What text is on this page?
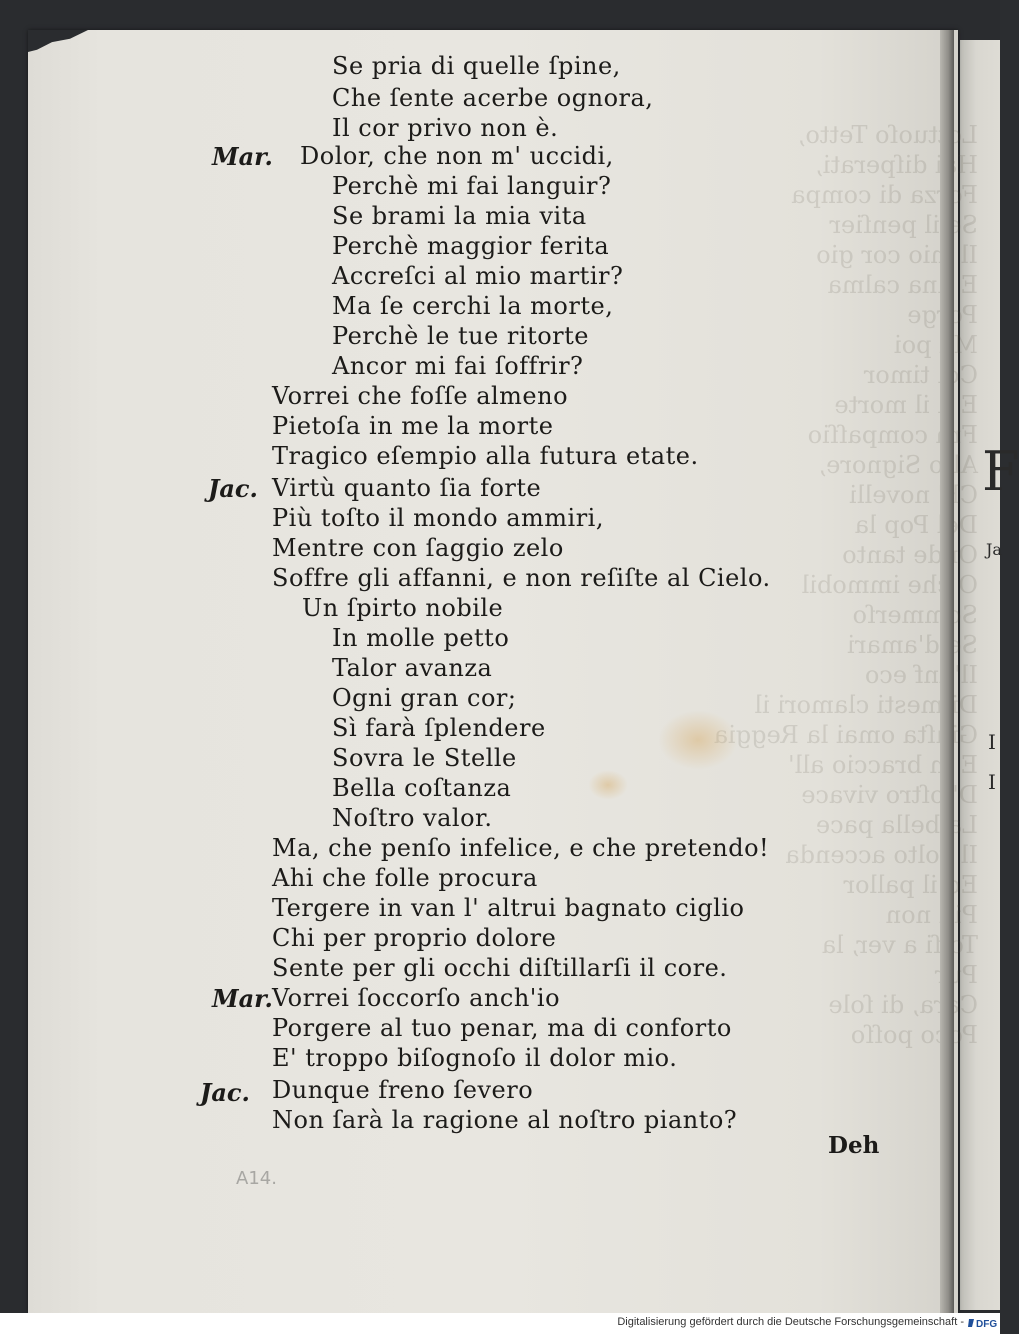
F
Ja
I
I
Lottuoſo Tetto,
Hai diſperati,
di compa
il penſier
mio cor gio
una calma

poi
Col timor
il morte
Fra compaſſio
Signore,
Ch' novelli
Del Pop la
tanto
che immobil
Sommerſo
d'amari
inf eco
mesti clamori il
omai la Reggia
braccio all'
oſtro vivace
bella pace
volto accenda
il pallor
non
a ver, la
Pur
di ſole
poſſo

Mar.
Jac.
Mar.
Jac.
Se pria di quelle ſpine,
Che ſente acerbe ognora,
Il cor privo non è.
Dolor, che non m' uccidi,
Perchè mi fai languir?
Se brami la mia vita
Perchè maggior ferita
Accreſci al mio martir?
Ma ſe cerchi la morte,
Perchè le tue ritorte
Ancor mi fai ſoffrir?
Vorrei che foſſe almeno
Pietoſa in me la morte
Tragico eſempio alla futura etate.
Virtù quanto ſia forte
Più toſto il mondo ammiri,
Mentre con ſaggio zelo
Soffre gli affanni, e non reſiſte al Cielo.
Un ſpirto nobile
In molle petto
Talor avanza
Ogni gran cor;
Sì farà ſplendere
Sovra le Stelle
Bella coſtanza
Noſtro valor.
Ma, che penſo infelice, e che pretendo!
Ahi che folle procura
Tergere in van l' altrui bagnato ciglio
Chi per proprio dolore
Sente per gli occhi diſtillarſi il core.
Vorrei ſoccorſo anch'io
Porgere al tuo penar, ma di conforto
E' troppo biſognoſo il dolor mio.
Dunque freno ſevero
Non ſarà la ragione al noſtro pianto?
Deh
A14.
Digitalisierung gefördert durch die Deutsche Forschungsgemeinschaft - DFG
